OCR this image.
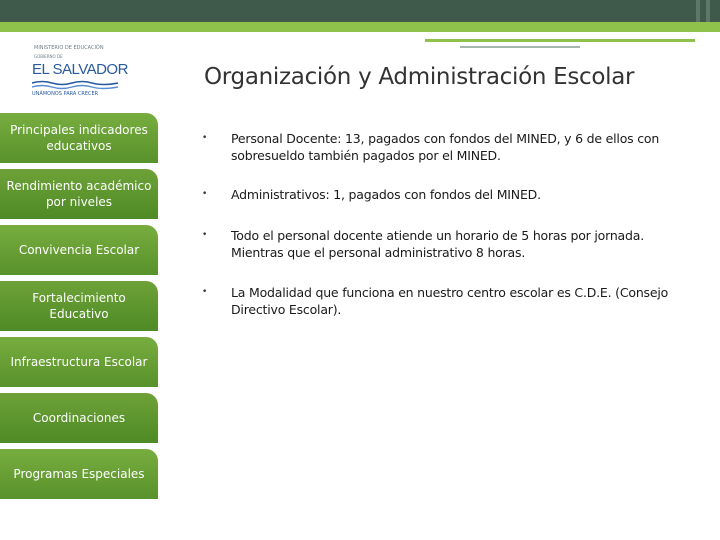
MINISTERIO DE EDUCACIÓN
GOBIERNO DE
EL SALVADOR
UNÁMONOS PARA CRECER
Organización y Administración Escolar
Principales indicadores educativos
Rendimiento académico por niveles
Convivencia Escolar
Fortalecimiento Educativo
Infraestructura Escolar
Coordinaciones
Programas Especiales
•	Personal Docente: 13, pagados con fondos del MINED, y 6 de ellos con sobresueldo también pagados por el MINED.
•	Administrativos: 1, pagados con fondos del MINED.
•	Todo el personal docente atiende un horario de 5 horas por jornada. Mientras que el personal administrativo 8 horas.
•	La Modalidad que funciona en nuestro centro escolar es C.D.E. (Consejo Directivo Escolar).
